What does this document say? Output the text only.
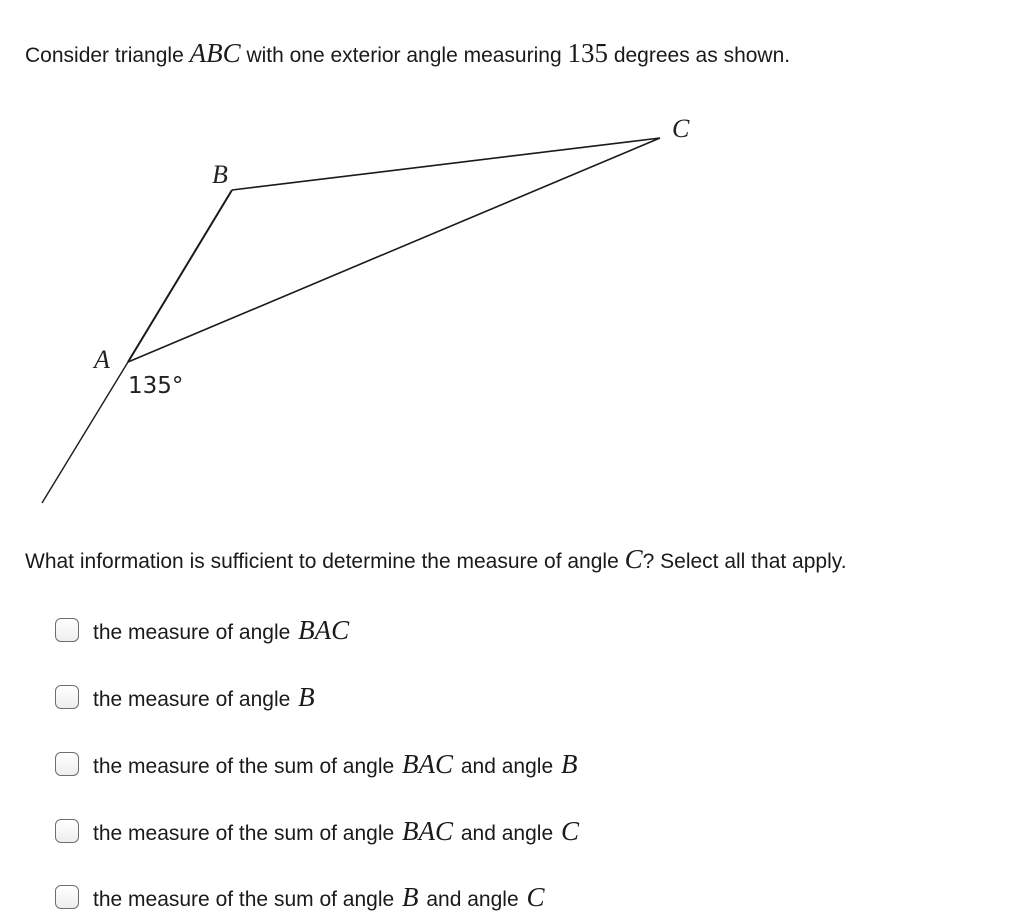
Consider triangle ABC with one exterior angle measuring 135 degrees as shown.
A
B
C
135°
What information is sufficient to determine the measure of angle C? Select all that apply.
the measure of angle BAC
the measure of angle B
the measure of the sum of angle BAC and angle B
the measure of the sum of angle BAC and angle C
the measure of the sum of angle B and angle C
